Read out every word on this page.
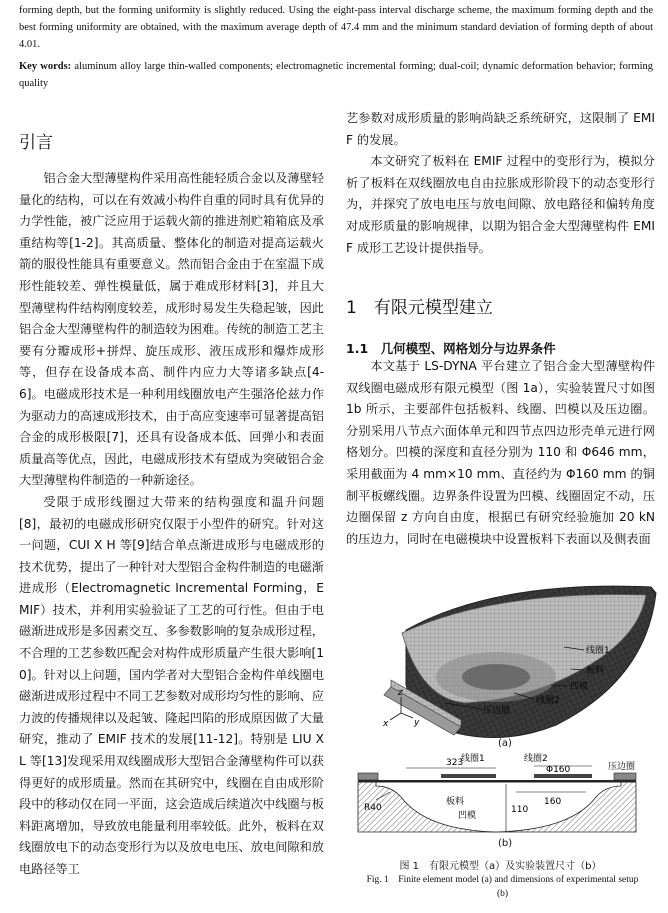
forming depth, but the forming uniformity is slightly reduced. Using the eight-pass interval discharge scheme, the maximum forming depth and the best forming uniformity are obtained, with the maximum average depth of 47.4 mm and the minimum standard deviation of forming depth of about 4.01.
Key words: aluminum alloy large thin-walled components; electromagnetic incremental forming; dual-coil; dynamic deformation behavior; forming quality
引言

铝合金大型薄壁构件采用高性能轻质合金以及薄壁轻量化的结构，可以在有效减小构件自重的同时具有优异的力学性能，被广泛应用于运载火箭的推进剂贮箱箱底及承重结构等[1-2]。其高质量、整体化的制造对提高运载火箭的服役性能具有重要意义。然而铝合金由于在室温下成形性能较差、弹性模量低，属于难成形材料[3]，并且大型薄壁构件结构刚度较差，成形时易发生失稳起皱，因此铝合金大型薄壁构件的制造较为困难。传统的制造工艺主要有分瓣成形+拼焊、旋压成形、液压成形和爆炸成形等，但存在设备成本高、制件内应力大等诸多缺点[4-6]。电磁成形技术是一种利用线圈放电产生强洛伦兹力作为驱动力的高速成形技术，由于高应变速率可显著提高铝合金的成形极限[7]，还具有设备成本低、回弹小和表面质量高等优点，因此，电磁成形技术有望成为突破铝合金大型薄壁构件制造的一种新途径。

受限于成形线圈过大带来的结构强度和温升问题[8]，最初的电磁成形研究仅限于小型件的研究。针对这一问题，CUI X H 等[9]结合单点渐进成形与电磁成形的技术优势，提出了一种针对大型铝合金构件制造的电磁渐进成形（Electromagnetic Incremental Forming，EMIF）技术，并利用实验验证了工艺的可行性。但由于电磁渐进成形是多因素交互、多参数影响的复杂成形过程，不合理的工艺参数匹配会对构件成形质量产生很大影响[10]。针对以上问题，国内学者对大型铝合金构件单线圈电磁渐进成形过程中不同工艺参数对成形均匀性的影响、应力波的传播规律以及起皱、隆起凹陷的形成原因做了大量研究，推动了 EMIF 技术的发展[11-12]。特别是 LIU X L 等[13]发现采用双线圈成形大型铝合金薄壁构件可以获得更好的成形质量。然而在其研究中，线圈在自由成形阶段中的移动仅在同一平面，这会造成后续道次中线圈与板料距离增加，导致放电能量利用率较低。此外，板料在双线圈放电下的动态变形行为以及放电电压、放电间隙和放电路径等工

艺参数对成形质量的影响尚缺乏系统研究，这限制了 EMIF 的发展。

本文研究了板料在 EMIF 过程中的变形行为，模拟分析了板料在双线圈放电自由拉胀成形阶段下的动态变形行为，并探究了放电电压与放电间隙、放电路径和偏转角度对成形质量的影响规律，以期为铝合金大型薄壁构件 EMIF 成形工艺设计提供指导。

1　有限元模型建立
1.1　几何模型、网格划分与边界条件

本文基于 LS-DYNA 平台建立了铝合金大型薄壁构件双线圈电磁成形有限元模型（图 1a），实验装置尺寸如图 1b 所示，主要部件包括板料、线圈、凹模以及压边圈。分别采用八节点六面体单元和四节点四边形壳单元进行网格划分。凹模的深度和直径分别为 110 和 Φ646 mm，采用截面为 4 mm×10 mm、直径约为 Φ160 mm 的铜制平板螺线圈。边界条件设置为凹模、线圈固定不动，压边圈保留 z 方向自由度，根据已有研究经验施加 20 kN 的压边力，同时在电磁模块中设置板料下表面以及侧表面

线圈1
板料
凹模
线圈2
压边圈
z
x	y
(a)
323
线圈1	线圈2
Φ160	压边圈
R40
板料
凹模
110
160
(b)
图 1　有限元模型（a）及实验装置尺寸（b）
Fig. 1　Finite element model (a) and dimensions of experimental setup (b)
